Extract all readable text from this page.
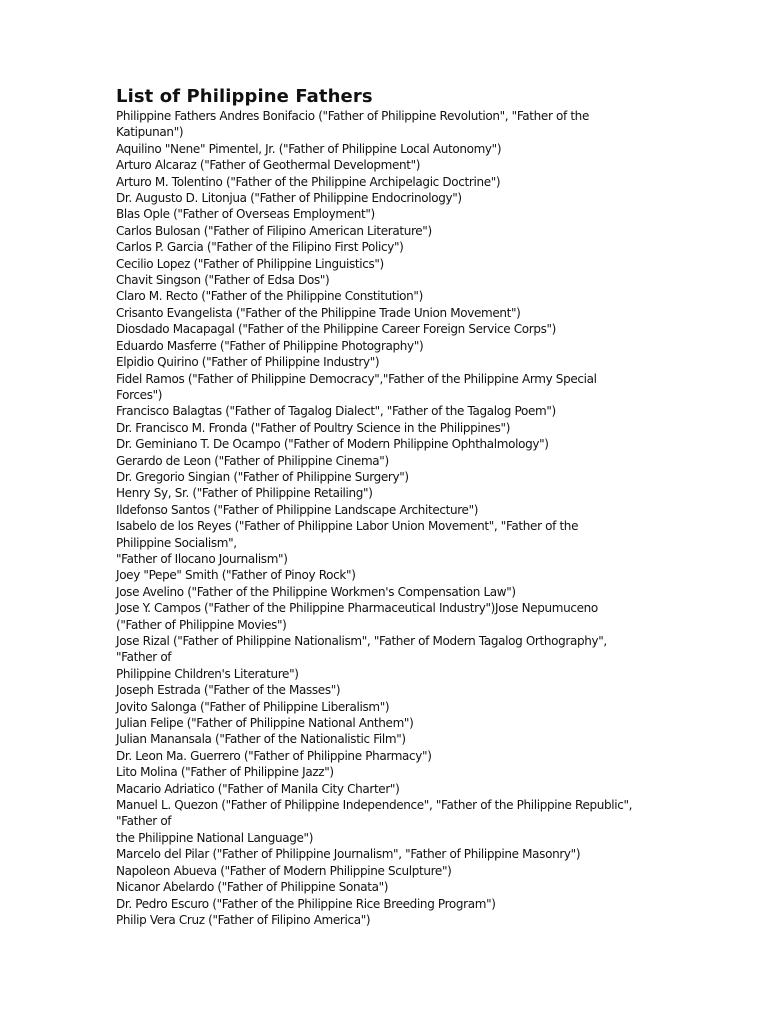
List of Philippine Fathers
Philippine Fathers Andres Bonifacio ("Father of Philippine Revolution", "Father of the
Katipunan")
Aquilino "Nene" Pimentel, Jr. ("Father of Philippine Local Autonomy")
Arturo Alcaraz ("Father of Geothermal Development")
Arturo M. Tolentino ("Father of the Philippine Archipelagic Doctrine")
Dr. Augusto D. Litonjua ("Father of Philippine Endocrinology")
Blas Ople ("Father of Overseas Employment")
Carlos Bulosan ("Father of Filipino American Literature")
Carlos P. Garcia ("Father of the Filipino First Policy")
Cecilio Lopez ("Father of Philippine Linguistics")
Chavit Singson ("Father of Edsa Dos")
Claro M. Recto ("Father of the Philippine Constitution")
Crisanto Evangelista ("Father of the Philippine Trade Union Movement")
Diosdado Macapagal ("Father of the Philippine Career Foreign Service Corps")
Eduardo Masferre ("Father of Philippine Photography")
Elpidio Quirino ("Father of Philippine Industry")
Fidel Ramos ("Father of Philippine Democracy","Father of the Philippine Army Special
Forces")
Francisco Balagtas ("Father of Tagalog Dialect", "Father of the Tagalog Poem")
Dr. Francisco M. Fronda ("Father of Poultry Science in the Philippines")
Dr. Geminiano T. De Ocampo ("Father of Modern Philippine Ophthalmology")
Gerardo de Leon ("Father of Philippine Cinema")
Dr. Gregorio Singian ("Father of Philippine Surgery")
Henry Sy, Sr. ("Father of Philippine Retailing")
Ildefonso Santos ("Father of Philippine Landscape Architecture")
Isabelo de los Reyes ("Father of Philippine Labor Union Movement", "Father of the
Philippine Socialism",
"Father of Ilocano Journalism")
Joey "Pepe" Smith ("Father of Pinoy Rock")
Jose Avelino ("Father of the Philippine Workmen's Compensation Law")
Jose Y. Campos ("Father of the Philippine Pharmaceutical Industry")Jose Nepumuceno
("Father of Philippine Movies")
Jose Rizal ("Father of Philippine Nationalism", "Father of Modern Tagalog Orthography",
"Father of
Philippine Children's Literature")
Joseph Estrada ("Father of the Masses")
Jovito Salonga ("Father of Philippine Liberalism")
Julian Felipe ("Father of Philippine National Anthem")
Julian Manansala ("Father of the Nationalistic Film")
Dr. Leon Ma. Guerrero ("Father of Philippine Pharmacy")
Lito Molina ("Father of Philippine Jazz")
Macario Adriatico ("Father of Manila City Charter")
Manuel L. Quezon ("Father of Philippine Independence", "Father of the Philippine Republic",
"Father of
the Philippine National Language")
Marcelo del Pilar ("Father of Philippine Journalism", "Father of Philippine Masonry")
Napoleon Abueva ("Father of Modern Philippine Sculpture")
Nicanor Abelardo ("Father of Philippine Sonata")
Dr. Pedro Escuro ("Father of the Philippine Rice Breeding Program")
Philip Vera Cruz ("Father of Filipino America")
